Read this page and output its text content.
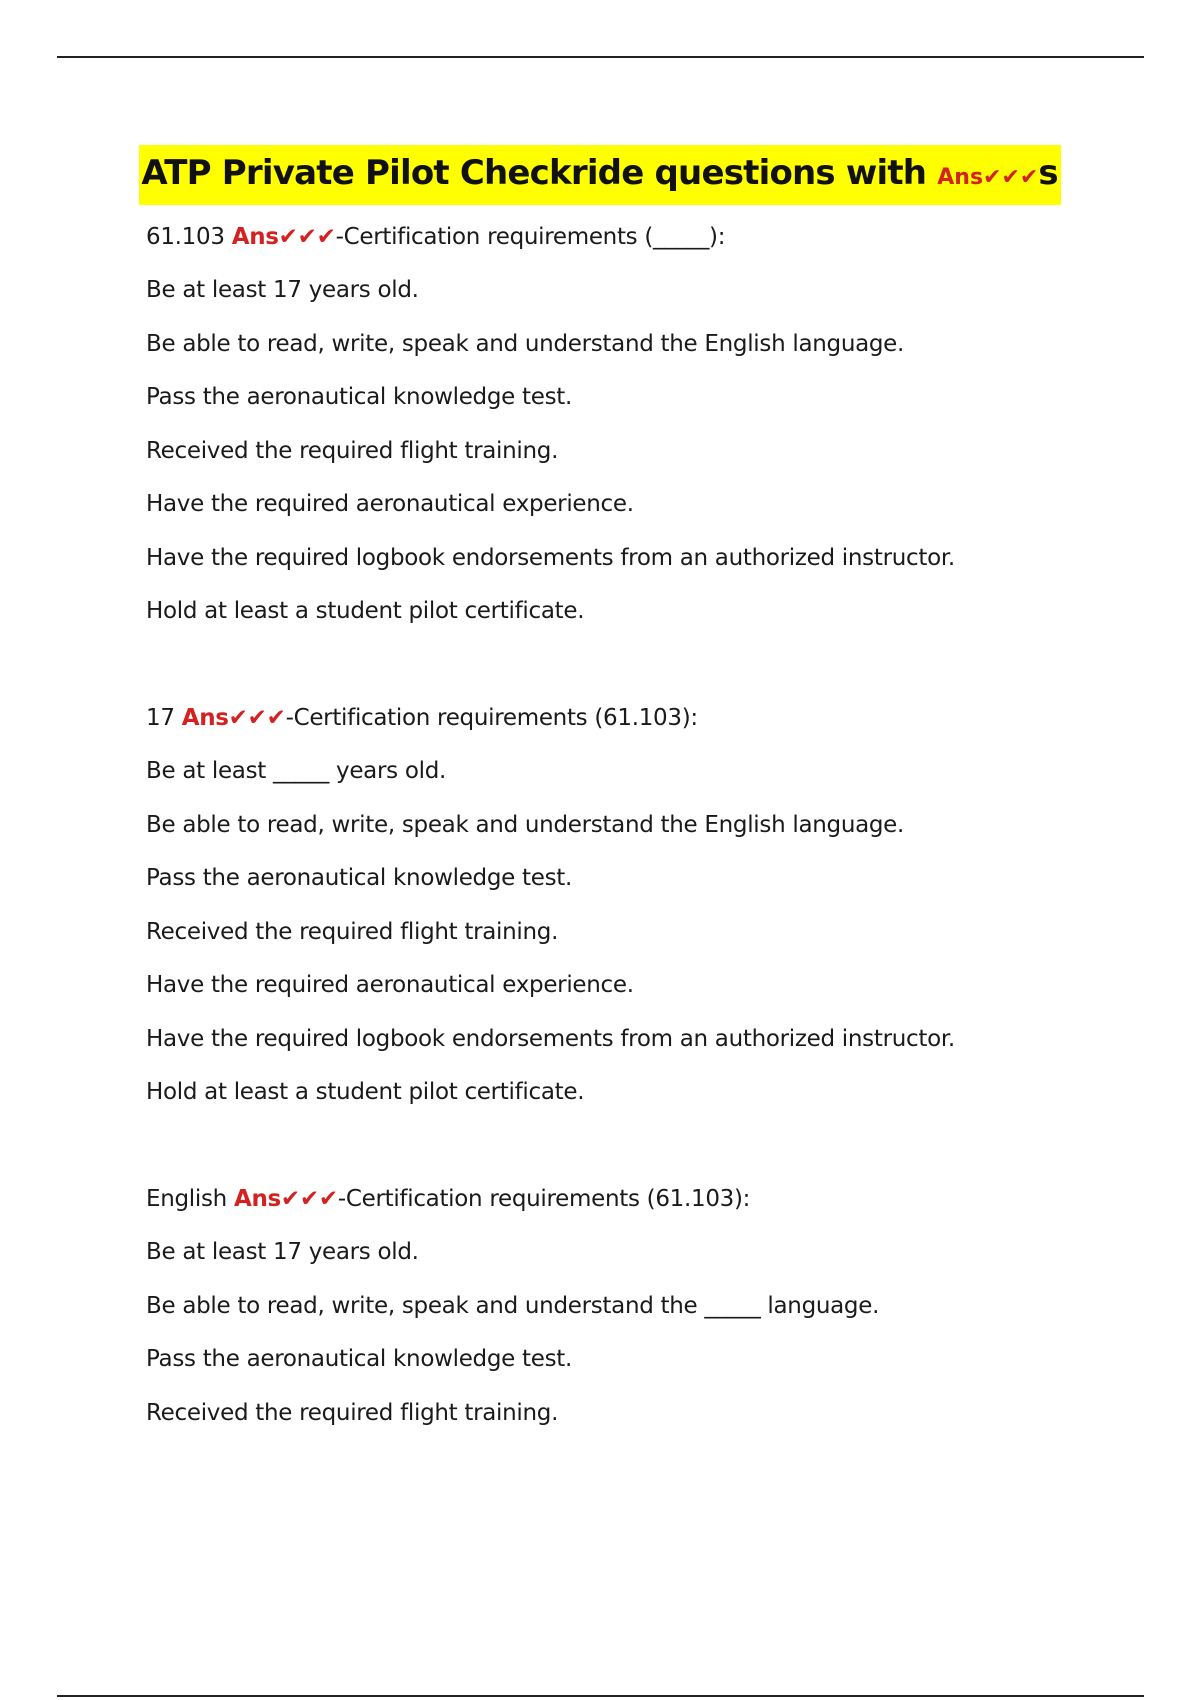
ATP Private Pilot Checkride questions with Ans✔✔✔s
61.103 Ans✔✔✔-Certification requirements (_____):
Be at least 17 years old.
Be able to read, write, speak and understand the English language.
Pass the aeronautical knowledge test.
Received the required flight training.
Have the required aeronautical experience.
Have the required logbook endorsements from an authorized instructor.
Hold at least a student pilot certificate.
17 Ans✔✔✔-Certification requirements (61.103):
Be at least _____ years old.
Be able to read, write, speak and understand the English language.
Pass the aeronautical knowledge test.
Received the required flight training.
Have the required aeronautical experience.
Have the required logbook endorsements from an authorized instructor.
Hold at least a student pilot certificate.
English Ans✔✔✔-Certification requirements (61.103):
Be at least 17 years old.
Be able to read, write, speak and understand the _____ language.
Pass the aeronautical knowledge test.
Received the required flight training.
